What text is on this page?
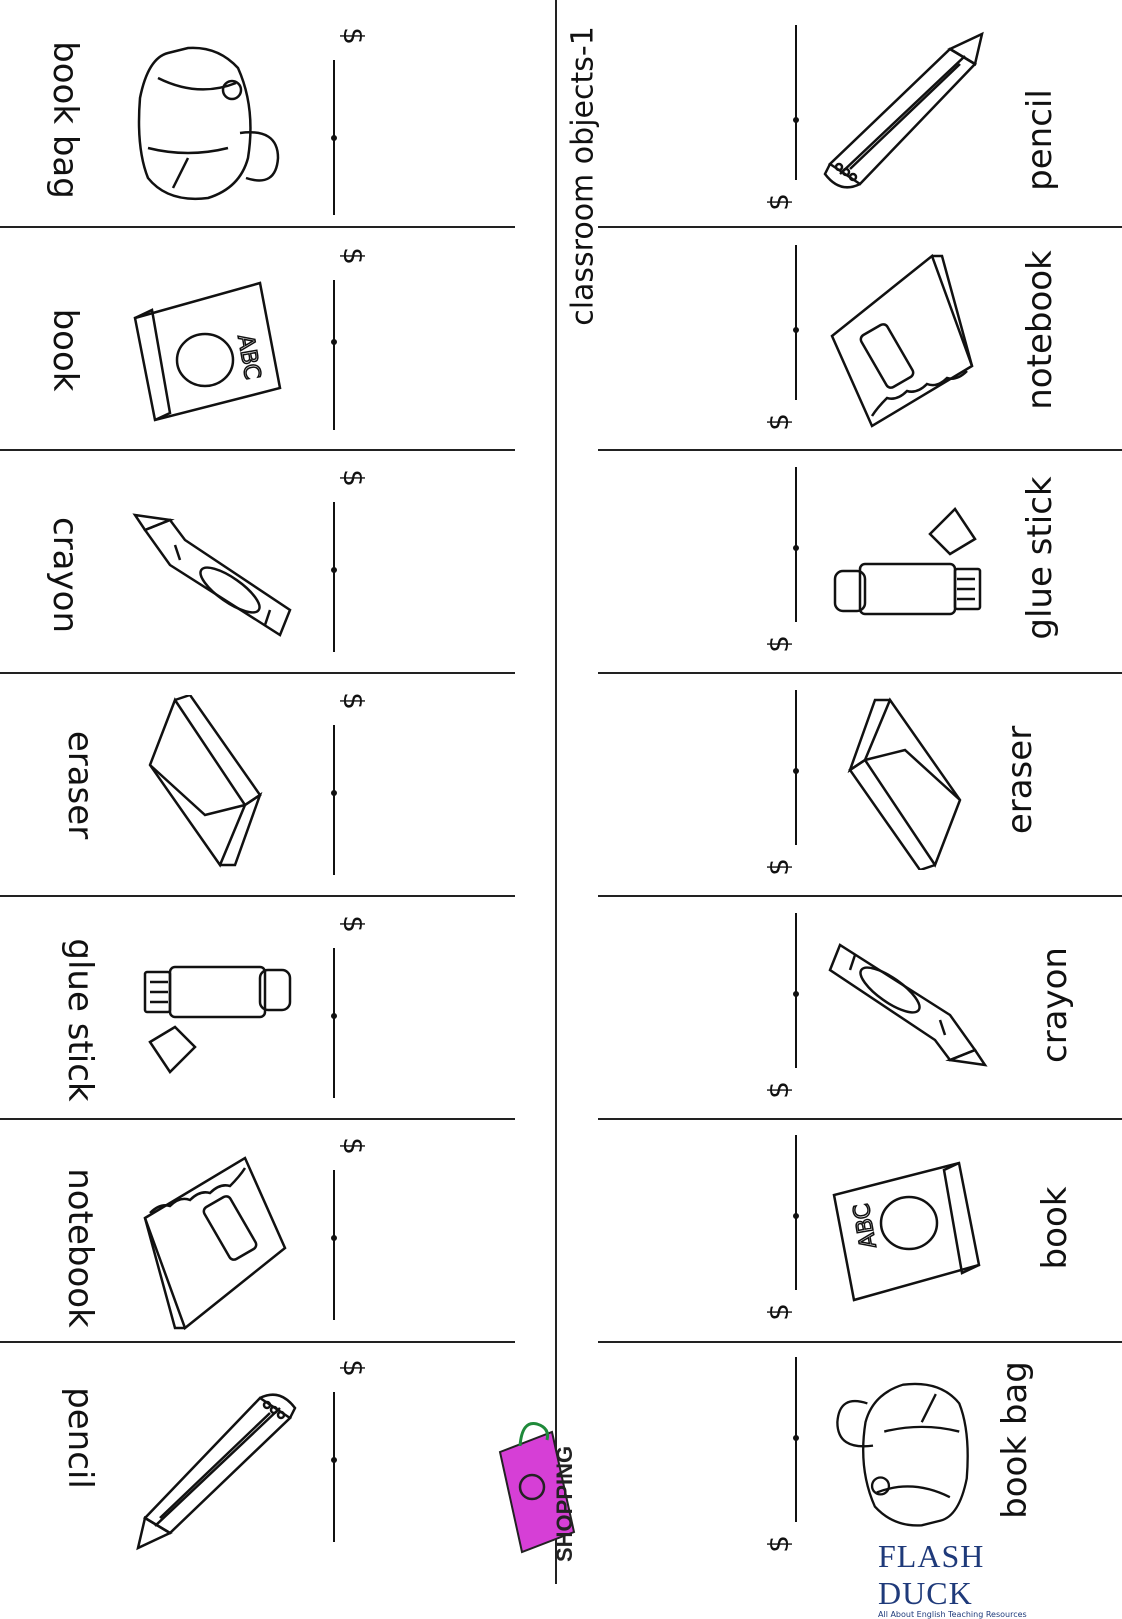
classroom objects-1
book bag
$
book	ABC
$
crayon
$
eraser
$
glue stick
$
notebook
$
pencil
$
pencil
$
notebook
$
glue stick
$
eraser
$
crayon
$
book
ABC
$
book bag
$
SHOPPING	FLASH DUCK
All About English Teaching Resources
